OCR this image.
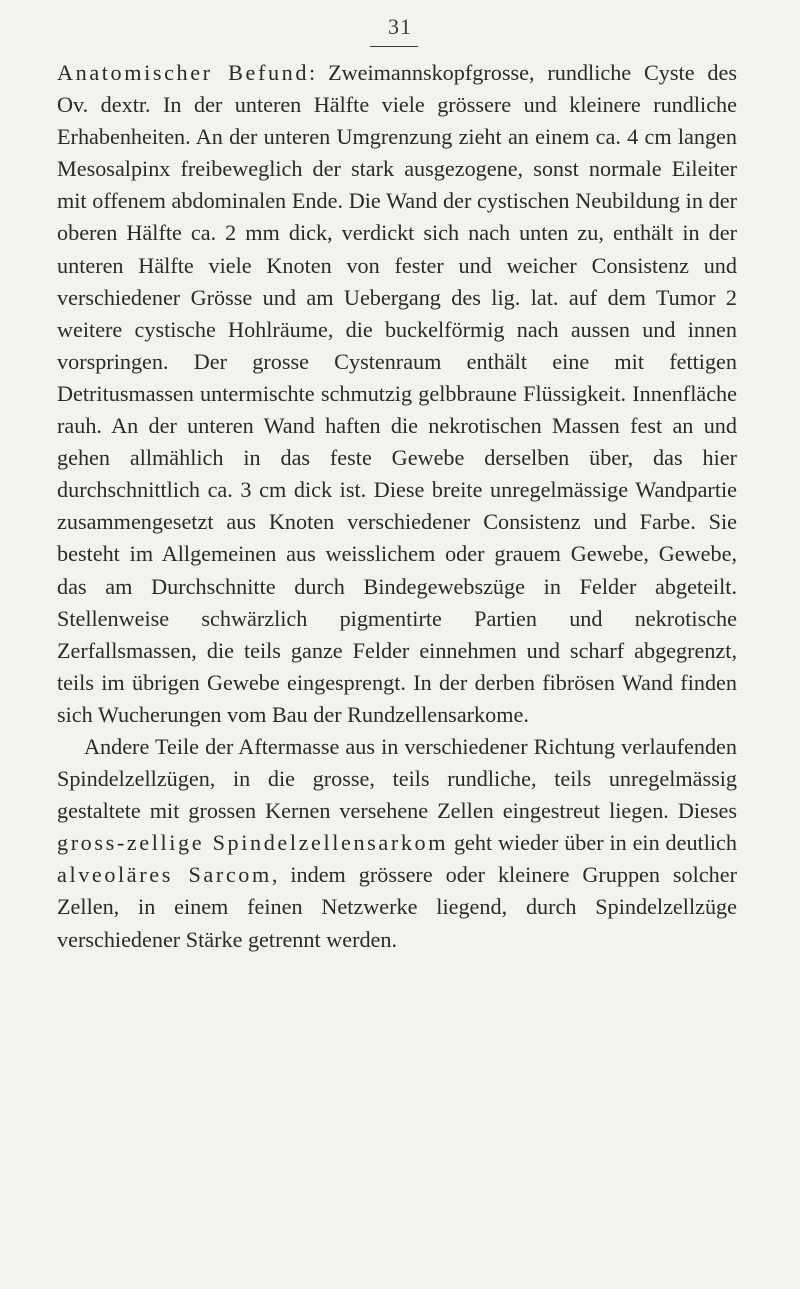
31

Anatomischer Befund: Zweimannskopfgrosse, rundliche Cyste des Ov. dextr. In der unteren Hälfte viele grössere und kleinere rundliche Erhabenheiten. An der unteren Umgrenzung zieht an einem ca. 4 cm langen Mesosalpinx freibeweglich der stark ausgezogene, sonst normale Eileiter mit offenem abdominalen Ende. Die Wand der cystischen Neubildung in der oberen Hälfte ca. 2 mm dick, verdickt sich nach unten zu, enthält in der unteren Hälfte viele Knoten von fester und weicher Consistenz und verschiedener Grösse und am Uebergang des lig. lat. auf dem Tumor 2 weitere cystische Hohlräume, die buckelförmig nach aussen und innen vorspringen. Der grosse Cystenraum enthält eine mit fettigen Detritusmassen untermischte schmutzig gelbbraune Flüssigkeit. Innenfläche rauh. An der unteren Wand haften die nekrotischen Massen fest an und gehen allmählich in das feste Gewebe derselben über, das hier durchschnittlich ca. 3 cm dick ist. Diese breite unregelmässige Wandpartie zusammengesetzt aus Knoten verschiedener Consistenz und Farbe. Sie besteht im Allgemeinen aus weisslichem oder grauem Gewebe, Gewebe, das am Durchschnitte durch Bindegewebszüge in Felder abgeteilt. Stellenweise schwärzlich pigmentirte Partien und nekrotische Zerfallsmassen, die teils ganze Felder einnehmen und scharf abgegrenzt, teils im übrigen Gewebe eingesprengt. In der derben fibrösen Wand finden sich Wucherungen vom Bau der Rundzellensarkome.

Andere Teile der Aftermasse aus in verschiedener Richtung verlaufenden Spindelzellzügen, in die grosse, teils rundliche, teils unregelmässig gestaltete mit grossen Kernen versehene Zellen eingestreut liegen. Dieses gross-zellige Spindelzellensarkom geht wieder über in ein deutlich alveoläres Sarcom, indem grössere oder kleinere Gruppen solcher Zellen, in einem feinen Netzwerke liegend, durch Spindelzellzüge verschiedener Stärke getrennt werden.
